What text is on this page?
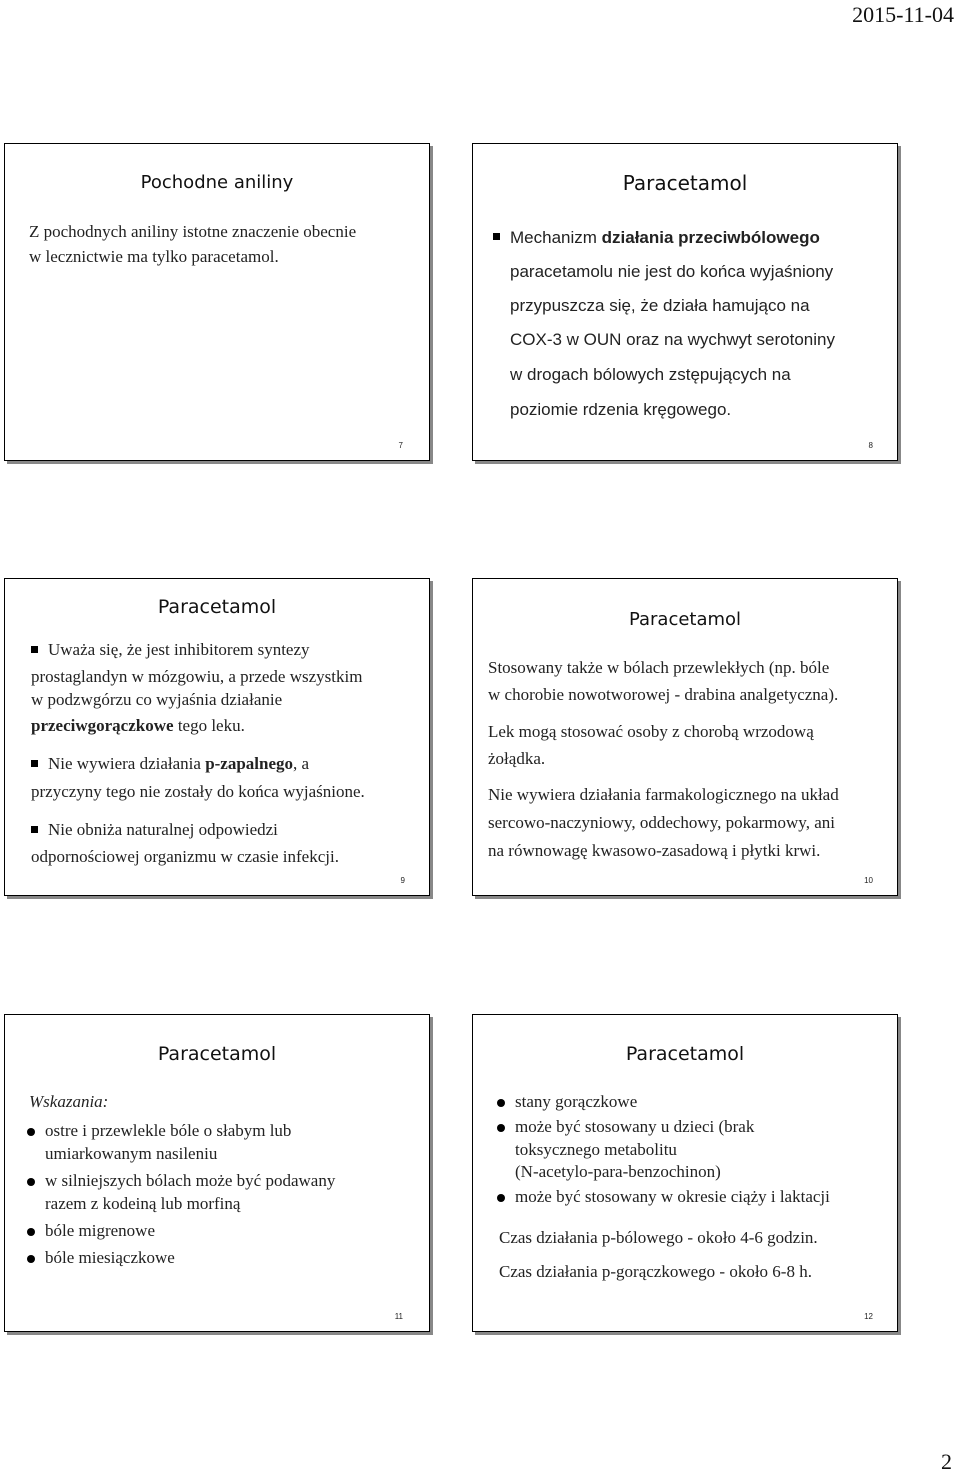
2015-11-04
Pochodne aniliny
Z pochodnych aniliny istotne znaczenie obecnie
w lecznictwie ma tylko paracetamol.
7
Paracetamol
Mechanizm działania przeciwbólowego
paracetamolu nie jest do końca wyjaśniony
przypuszcza się, że działa hamująco na
COX-3 w OUN oraz na wychwyt serotoniny
w drogach bólowych zstępujących na
poziomie rdzenia kręgowego.
8
Paracetamol
Uważa się, że jest inhibitorem syntezy
prostaglandyn w mózgowiu, a przede wszystkim
w podzwgórzu co wyjaśnia działanie
przeciwgorączkowe tego leku.
Nie wywiera działania p-zapalnego, a
przyczyny tego nie zostały do końca wyjaśnione.
Nie obniża naturalnej odpowiedzi
odpornościowej organizmu w czasie infekcji.
9
Paracetamol
Stosowany także w bólach przewlekłych (np. bóle
w chorobie nowotworowej - drabina analgetyczna).
Lek mogą stosować osoby z chorobą wrzodową
żołądka.
Nie wywiera działania farmakologicznego na układ
sercowo-naczyniowy, oddechowy, pokarmowy, ani
na równowagę kwasowo-zasadową i płytki krwi.
10
Paracetamol
Wskazania:
ostre i przewlekle bóle o słabym lub
umiarkowanym nasileniu
w silniejszych bólach może być podawany
razem z kodeiną lub morfiną
bóle migrenowe
bóle miesiączkowe
11
Paracetamol
stany gorączkowe
może być stosowany u dzieci (brak
toksycznego metabolitu
(N-acetylo-para-benzochinon)
może być stosowany w okresie ciąży i laktacji
Czas działania p-bólowego - około 4-6 godzin.
Czas działania p-gorączkowego - około 6-8 h.
12
2
